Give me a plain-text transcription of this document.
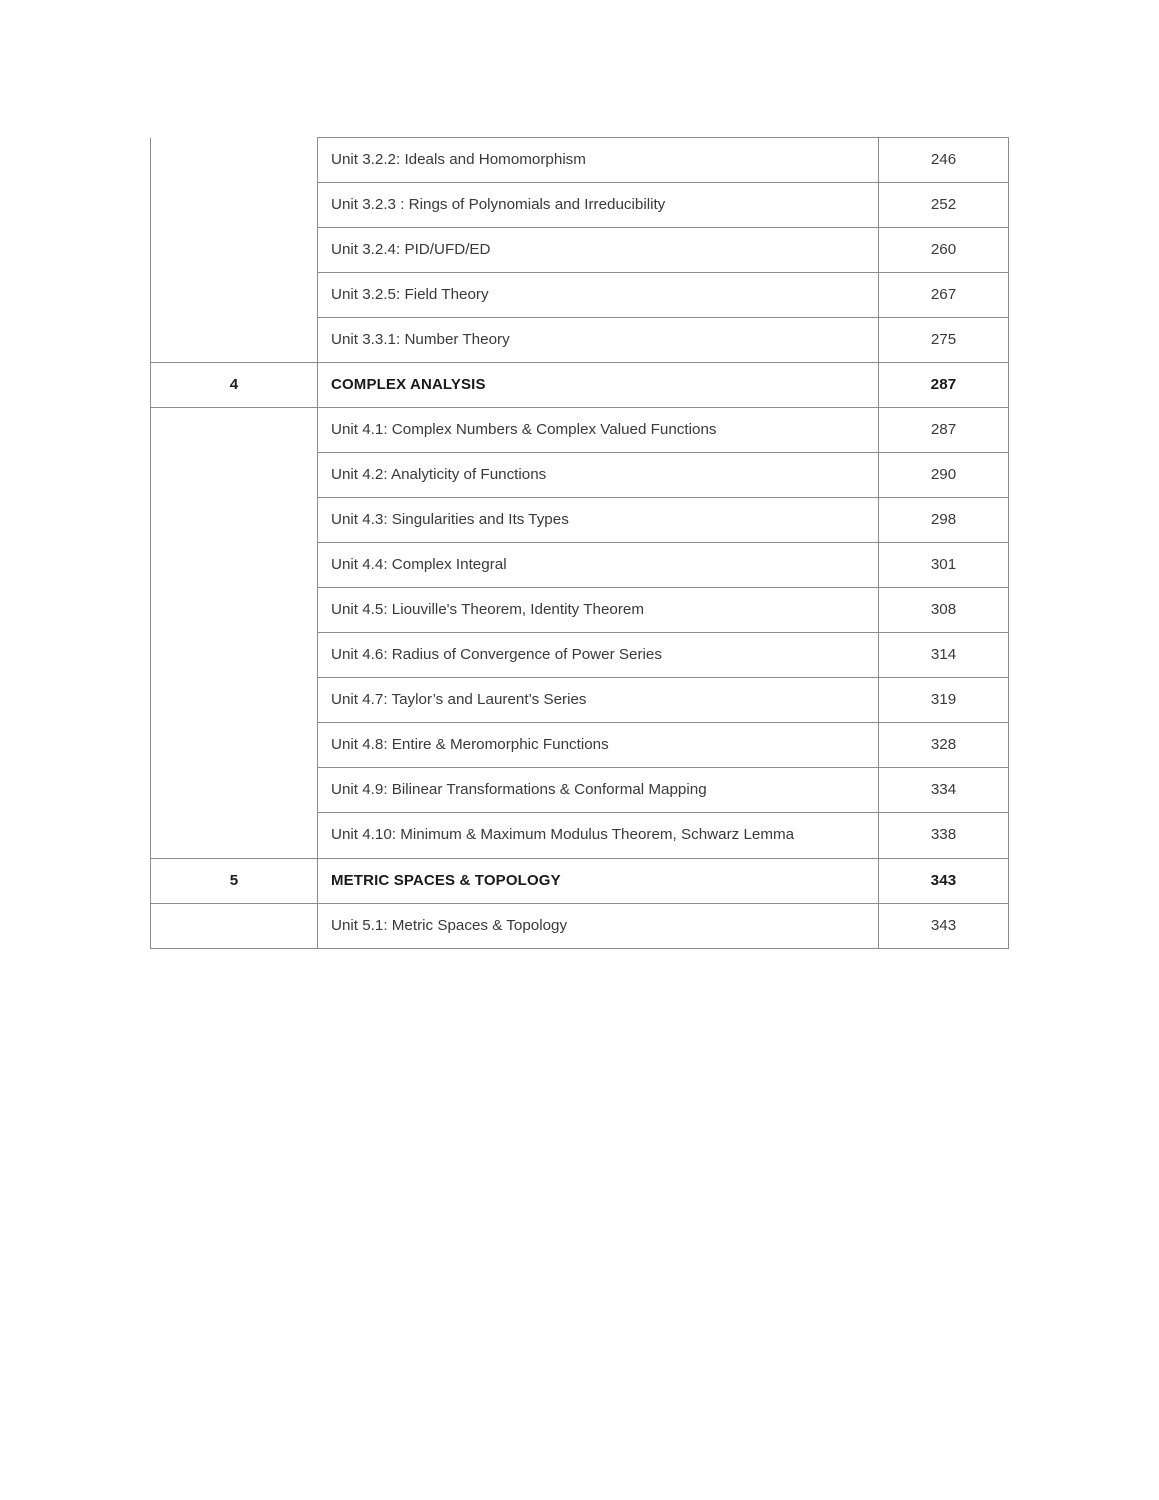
	Unit 3.2.2: Ideals and Homomorphism	246
	Unit 3.2.3 : Rings of Polynomials and Irreducibility	252
	Unit 3.2.4: PID/UFD/ED	260
	Unit 3.2.5: Field Theory	267
	Unit 3.3.1: Number Theory	275
4	COMPLEX ANALYSIS	287
	Unit 4.1: Complex Numbers & Complex Valued Functions	287
	Unit 4.2: Analyticity of Functions	290
	Unit 4.3: Singularities and Its Types	298
	Unit 4.4: Complex Integral	301
	Unit 4.5: Liouville's Theorem, Identity Theorem	308
	Unit 4.6: Radius of Convergence of Power Series	314
	Unit 4.7: Taylor’s and Laurent’s Series	319
	Unit 4.8: Entire & Meromorphic Functions	328
	Unit 4.9: Bilinear Transformations & Conformal Mapping	334
	Unit 4.10: Minimum & Maximum Modulus Theorem, Schwarz Lemma	338
5	METRIC SPACES & TOPOLOGY	343
	Unit 5.1: Metric Spaces & Topology	343
